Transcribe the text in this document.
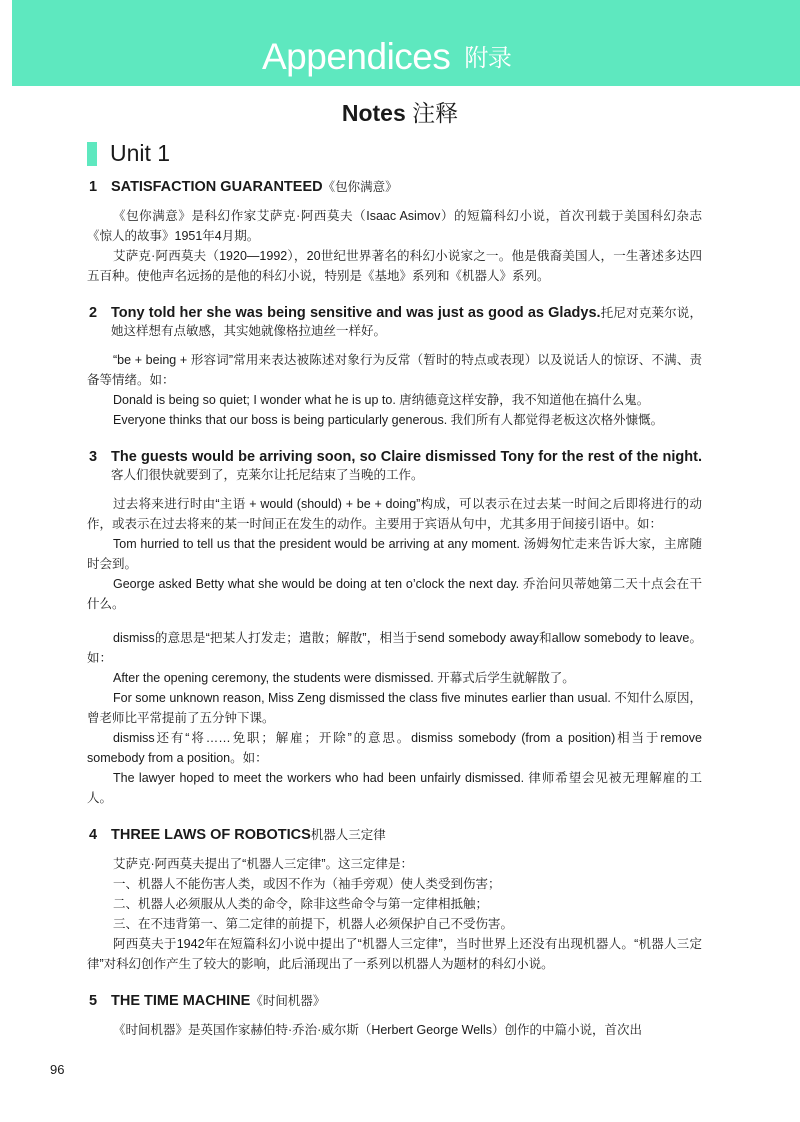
Appendices 附录
Notes 注释
Unit 1
1 SATISFACTION GUARANTEED《包你满意》

《包你满意》是科幻作家艾萨克·阿西莫夫（Isaac Asimov）的短篇科幻小说，首次刊载于美国科幻杂志《惊人的故事》1951年4月期。

艾萨克·阿西莫夫（1920—1992），20世纪世界著名的科幻小说家之一。他是俄裔美国人，一生著述多达四五百种。使他声名远扬的是他的科幻小说，特别是《基地》系列和《机器人》系列。

2 Tony told her she was being sensitive and was just as good as Gladys.托尼对克莱尔说，她这样想有点敏感，其实她就像格拉迪丝一样好。

“be + being + 形容词”常用来表达被陈述对象行为反常（暂时的特点或表现）以及说话人的惊讶、不满、责备等情绪。如：

Donald is being so quiet; I wonder what he is up to. 唐纳德竟这样安静，我不知道他在搞什么鬼。

Everyone thinks that our boss is being particularly generous. 我们所有人都觉得老板这次格外慷慨。

3 The guests would be arriving soon, so Claire dismissed Tony for the rest of the night.客人们很快就要到了，克莱尔让托尼结束了当晚的工作。

过去将来进行时由“主语 + would (should) + be + doing”构成，可以表示在过去某一时间之后即将进行的动作，或表示在过去将来的某一时间正在发生的动作。主要用于宾语从句中，尤其多用于间接引语中。如：

Tom hurried to tell us that the president would be arriving at any moment. 汤姆匆忙走来告诉大家，主席随时会到。

George asked Betty what she would be doing at ten o’clock the next day. 乔治问贝蒂她第二天十点会在干什么。

dismiss的意思是“把某人打发走；遣散；解散”，相当于send somebody away和allow somebody to leave。如：

After the opening ceremony, the students were dismissed. 开幕式后学生就解散了。

For some unknown reason, Miss Zeng dismissed the class five minutes earlier than usual. 不知什么原因，曾老师比平常提前了五分钟下课。

dismiss还有“将……免职；解雇；开除”的意思。dismiss somebody (from a position)相当于remove somebody from a position。如：

The lawyer hoped to meet the workers who had been unfairly dismissed. 律师希望会见被无理解雇的工人。

4 THREE LAWS OF ROBOTICS机器人三定律

艾萨克·阿西莫夫提出了“机器人三定律”。这三定律是：

一、机器人不能伤害人类，或因不作为（袖手旁观）使人类受到伤害；

二、机器人必须服从人类的命令，除非这些命令与第一定律相抵触；

三、在不违背第一、第二定律的前提下，机器人必须保护自己不受伤害。

阿西莫夫于1942年在短篇科幻小说中提出了“机器人三定律”，当时世界上还没有出现机器人。“机器人三定律”对科幻创作产生了较大的影响，此后涌现出了一系列以机器人为题材的科幻小说。

5 THE TIME MACHINE《时间机器》

《时间机器》是英国作家赫伯特·乔治·威尔斯（Herbert George Wells）创作的中篇小说，首次出

96
